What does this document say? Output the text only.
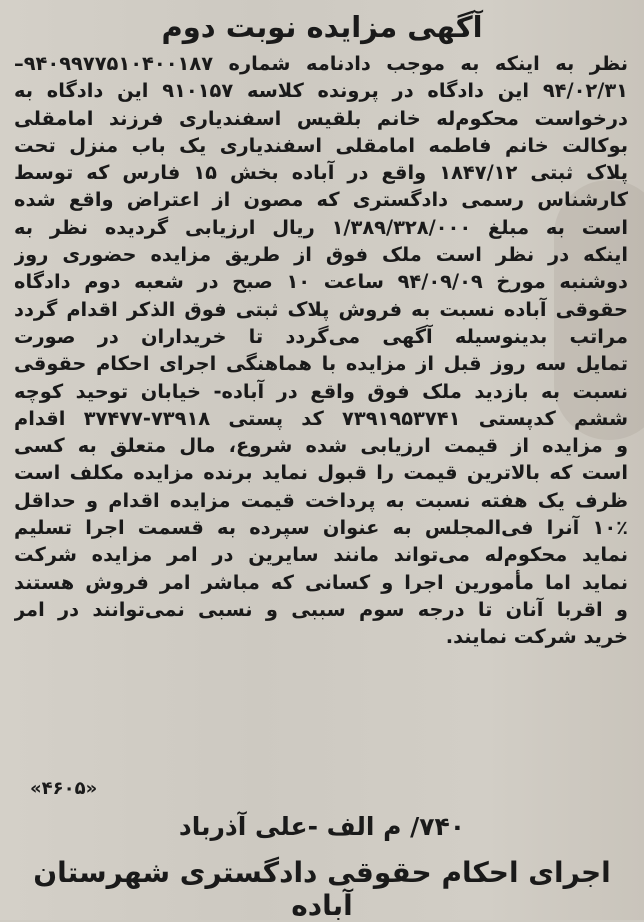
آگهی مزایده نوبت دوم
نظر به اینکه به موجب دادنامه شماره ۹۴۰۹۹۷۷۵۱۰۴۰۰۱۸۷–
۹۴/۰۲/۳۱ این دادگاه در پرونده کلاسه ۹۱۰۱۵۷ این دادگاه به
درخواست محکوم‌له خانم بلقیس اسفندیاری فرزند امامقلی
بوکالت خانم فاطمه امامقلی اسفندیاری یک باب منزل تحت
پلاک ثبتی ۱۸۴۷/۱۲ واقع در آباده بخش ۱۵ فارس که توسط
کارشناس رسمی دادگستری که مصون از اعتراض واقع شده
است به مبلغ ۱/۳۸۹/۳۲۸/۰۰۰ ریال ارزیابی گردیده نظر به
اینکه در نظر است ملک فوق از طریق مزایده حضوری روز
دوشنبه مورخ ۹۴/۰۹/۰۹ ساعت ۱۰ صبح در شعبه دوم دادگاه
حقوقی آباده نسبت به فروش پلاک ثبتی فوق الذکر اقدام گردد
مراتب بدینوسیله آگهی می‌گردد تا خریداران در صورت
تمایل سه روز قبل از مزایده با هماهنگی اجرای احکام حقوقی
نسبت به بازدید ملک فوق واقع در آباده- خیابان توحید کوچه
ششم کدپستی ۷۳۹۱۹۵۳۷۴۱ کد پستی ۷۳۹۱۸-۳۷۴۷۷ اقدام
و مزایده از قیمت ارزیابی شده شروع، مال متعلق به کسی
است که بالاترین قیمت را قبول نماید برنده مزایده مکلف است
ظرف یک هفته نسبت به پرداخت قیمت مزایده اقدام و حداقل
۱۰٪ آنرا فی‌المجلس به عنوان سپرده به قسمت اجرا تسلیم
نماید محکوم‌له می‌تواند مانند سایرین در امر مزایده شرکت
نماید اما مأمورین اجرا و کسانی که مباشر امر فروش هستند
و اقربا آنان تا درجه سوم سببی و نسبی نمی‌توانند در امر
خرید شرکت نمایند.
«۴۶۰۵»
۷۴۰/ م الف -علی آذرباد
اجرای احکام حقوقی دادگستری شهرستان آباده
